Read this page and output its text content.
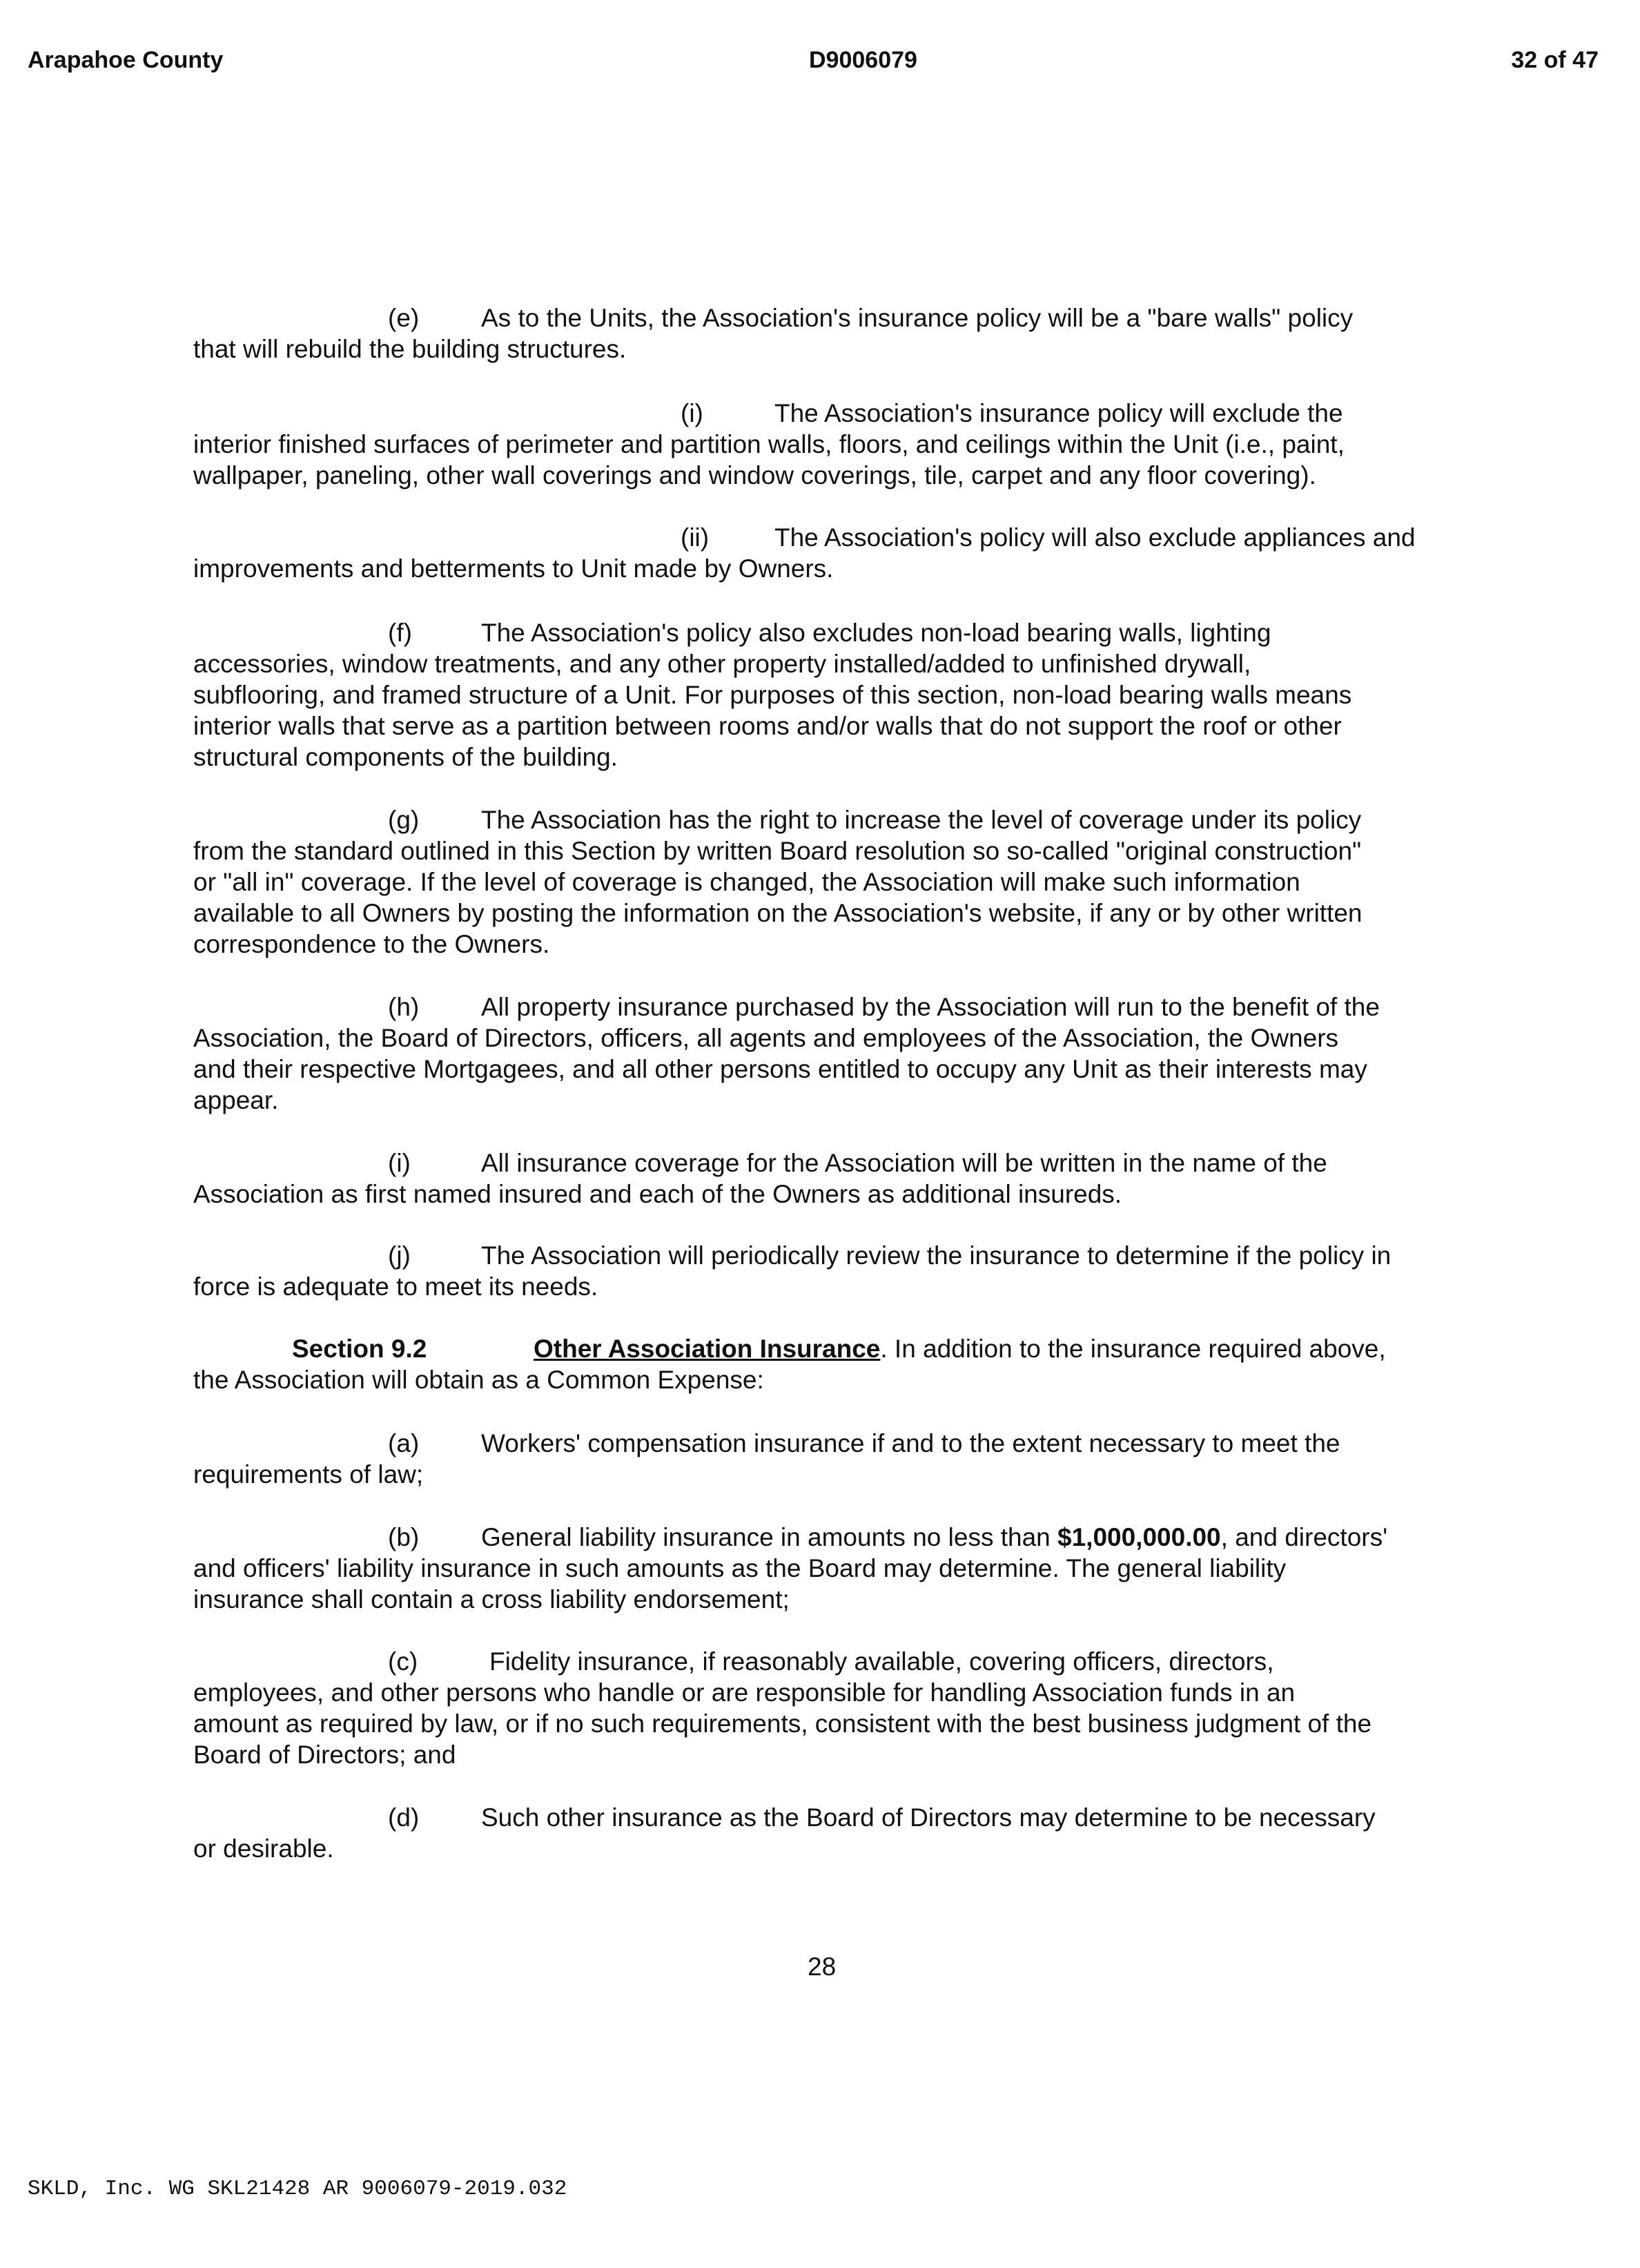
Arapahoe County	D9006079	32 of 47
(e) As to the Units, the Association's insurance policy will be a "bare walls" policy
that will rebuild the building structures.
(i)	The Association's insurance policy will exclude the
interior finished surfaces of perimeter and partition walls, floors, and ceilings within the Unit (i.e., paint,
wallpaper, paneling, other wall coverings and window coverings, tile, carpet and any floor covering).
(ii)	The Association's policy will also exclude appliances and
improvements and betterments to Unit made by Owners.
(f)	The Association's policy also excludes non-load bearing walls, lighting
accessories, window treatments, and any other property installed/added to unfinished drywall,
subflooring, and framed structure of a Unit. For purposes of this section, non-load bearing walls means
interior walls that serve as a partition between rooms and/or walls that do not support the roof or other
structural components of the building.
(g) The Association has the right to increase the level of coverage under its policy
from the standard outlined in this Section by written Board resolution so so-called "original construction"
or "all in" coverage. If the level of coverage is changed, the Association will make such information
available to all Owners by posting the information on the Association's website, if any or by other written
correspondence to the Owners.
(h) All property insurance purchased by the Association will run to the benefit of the
Association, the Board of Directors, officers, all agents and employees of the Association, the Owners
and their respective Mortgagees, and all other persons entitled to occupy any Unit as their interests may
appear.
(i)	All insurance coverage for the Association will be written in the name of the
Association as first named insured and each of the Owners as additional insureds.
(j)	The Association will periodically review the insurance to determine if the policy in
force is adequate to meet its needs.
Section 9.2	Other Association Insurance. In addition to the insurance required above,
the Association will obtain as a Common Expense:
(a) Workers' compensation insurance if and to the extent necessary to meet the
requirements of law;
(b) General liability insurance in amounts no less than $1,000,000.00, and directors'
and officers' liability insurance in such amounts as the Board may determine. The general liability
insurance shall contain a cross liability endorsement;
(c)	Fidelity insurance, if reasonably available, covering officers, directors,
employees, and other persons who handle or are responsible for handling Association funds in an
amount as required by law, or if no such requirements, consistent with the best business judgment of the
Board of Directors; and
(d) Such other insurance as the Board of Directors may determine to be necessary
or desirable.
28
SKLD, Inc. WG SKL21428 AR 9006079-2019.032
